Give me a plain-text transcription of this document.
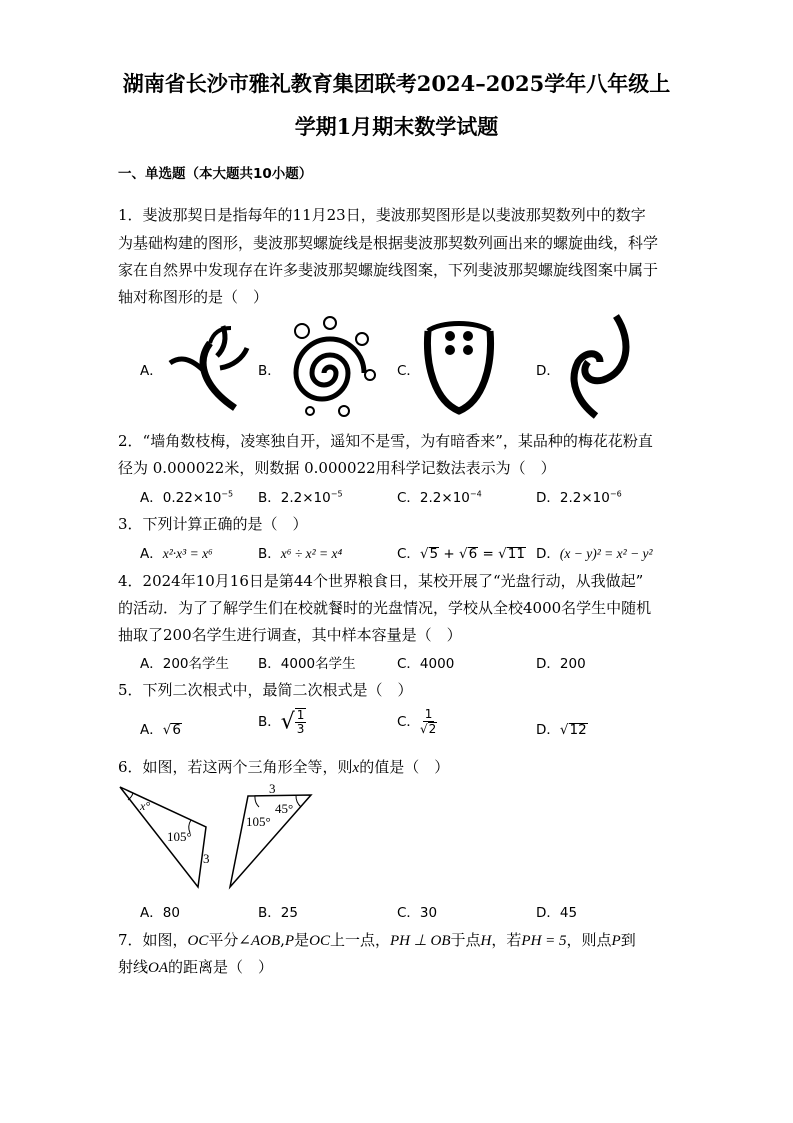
湖南省长沙市雅礼教育集团联考2024–2025学年八年级上
学期1月期末数学试题
一、单选题（本大题共10小题）
1．斐波那契日是指每年的11月23日，斐波那契图形是以斐波那契数列中的数字
为基础构建的图形，斐波那契螺旋线是根据斐波那契数列画出来的螺旋曲线，科学
家在自然界中发现存在许多斐波那契螺旋线图案，下列斐波那契螺旋线图案中属于
轴对称图形的是（　）
A．	B．	C．	D．
2．“墙角数枝梅，凌寒独自开，遥知不是雪，为有暗香来”，某品种的梅花花粉直
径为 0.000022米，则数据 0.000022用科学记数法表示为（　）
A．$0.22\times 10^{-5}$ B．$2.2\times 10^{-5}$	C．$2.2\times 10^{-4}$	D．$2.2\times 10^{-6}$
3．下列计算正确的是（　）
A．x²·x³ = x⁶	B．x⁶ ÷ x² = x⁴	C．√5 + √6 = √11 D．(x − y)² = x² − y²
4．2024年10月16日是第44个世界粮食日，某校开展了“光盘行动，从我做起”
的活动．为了了解学生们在校就餐时的光盘情况，学校从全校4000名学生中随机
抽取了200名学生进行调查，其中样本容量是（　）
A．200名学生 B．4000名学生	C．4000	D．200
5．下列二次根式中，最简二次根式是（　）
A．√6	B．√ $\frac{1}{3}$	C． $\frac{1}{√2}$	D．√12
6．如图，若这两个三角形全等，则x的值是（　）
x°
105°
3
3
45°
105°
A．80	B．25	C．30	D．45
7．如图，OC平分∠AOB,P是OC上一点，PH ⊥ OB于点H，若PH = 5，则点P到
射线OA的距离是（　）
